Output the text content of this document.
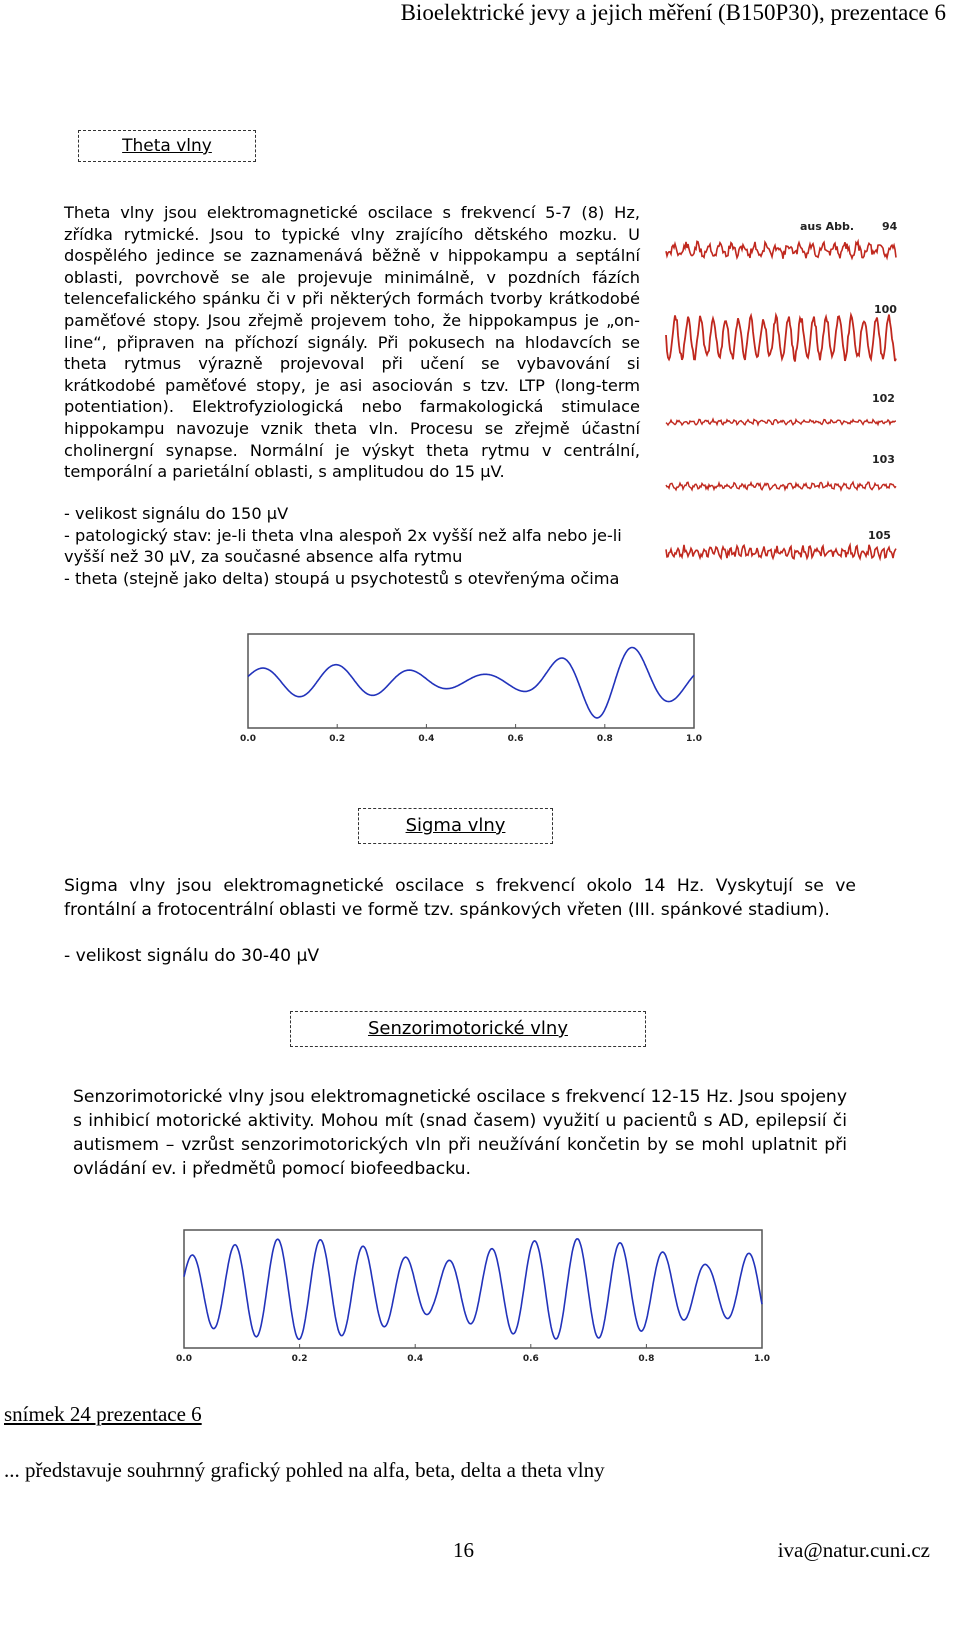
Bioelektrické jevy a jejich měření (B150P30), prezentace 6
Theta vlny

Theta vlny jsou elektromagnetické oscilace s frekvencí 5-7 (8) Hz, zřídka rytmické. Jsou to typické vlny zrajícího dětského mozku. U dospělého jedince se zaznamenává běžně v hippokampu a septální oblasti, povrchově se ale projevuje minimálně, v pozdních fázích telencefalického spánku či v při některých formách tvorby krátkodobé paměťové stopy. Jsou zřejmě projevem toho, že hippokampus je „on-line“, připraven na příchozí signály. Při pokusech na hlodavcích se theta rytmus výrazně projevoval při učení se vybavování si krátkodobé paměťové stopy, je asi asociován s tzv. LTP (long-term potentiation). Elektrofyziologická nebo farmakologická stimulace hippokampu navozuje vznik theta vln. Procesu se zřejmě účastní cholinergní synapse. Normální je výskyt theta rytmu v centrální, temporální a parietální oblasti, s amplitudou do 15 μV.

aus Abb.	94
100
102
103
105
- velikost signálu do 150 μV
- patologický stav: je-li theta vlna alespoň 2x vyšší než alfa nebo je-li vyšší než 30 μV, za současné absence alfa rytmu
- theta (stejně jako delta) stoupá u psychotestů s otevřenýma očima
0.0	0.2	0.4	0.6	0.8	1.0
Sigma vlny

Sigma vlny jsou elektromagnetické oscilace s frekvencí okolo 14 Hz. Vyskytují se ve frontální a frotocentrální oblasti ve formě tzv. spánkových vřeten (III. spánkové stadium).

- velikost signálu do 30-40 μV

Senzorimotorické vlny

Senzorimotorické vlny jsou elektromagnetické oscilace s frekvencí 12-15 Hz. Jsou spojeny s inhibicí motorické aktivity. Mohou mít (snad časem) využití u pacientů s AD, epilepsií či autismem – vzrůst senzorimotorických vln při neužívání končetin by se mohl uplatnit při ovládání ev. i předmětů pomocí biofeedbacku.

0.0	0.2	0.4	0.6	0.8	1.0

snímek 24 prezentace 6

... představuje souhrnný grafický pohled na alfa, beta, delta a theta vlny

16	iva@natur.cuni.cz
